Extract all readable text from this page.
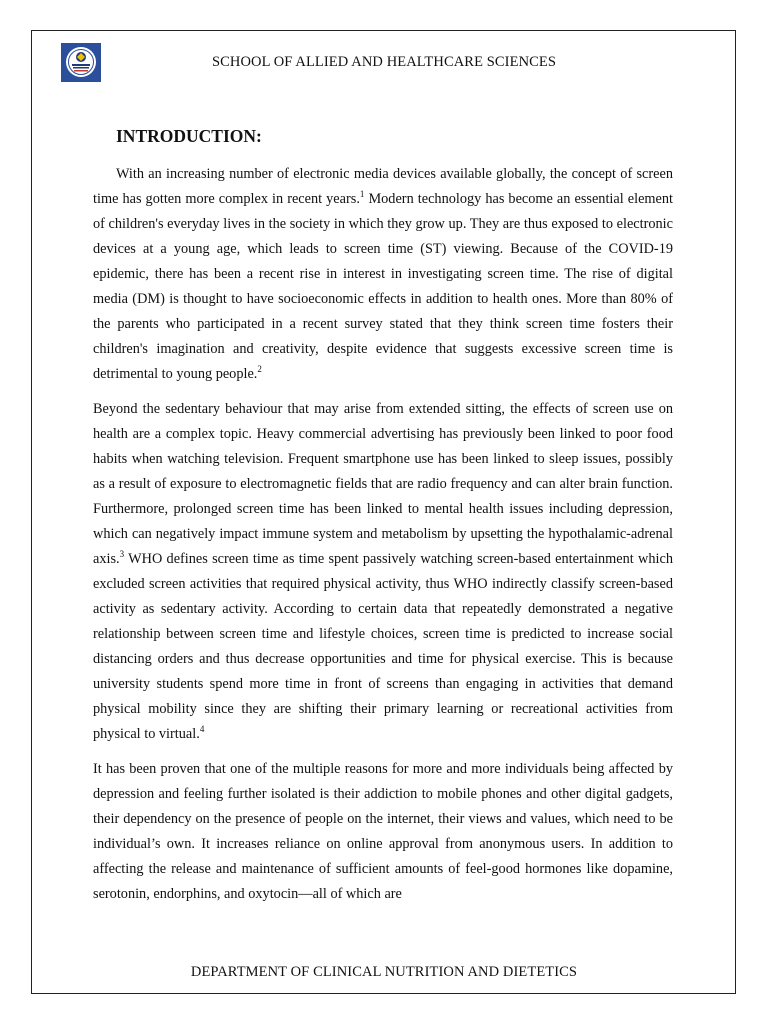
SCHOOL OF ALLIED AND HEALTHCARE SCIENCES
INTRODUCTION:

With an increasing number of electronic media devices available globally, the concept of screen time has gotten more complex in recent years.$^1$ Modern technology has become an essential element of children's everyday lives in the society in which they grow up. They are thus exposed to electronic devices at a young age, which leads to screen time (ST) viewing. Because of the COVID-19 epidemic, there has been a recent rise in interest in investigating screen time. The rise of digital media (DM) is thought to have socioeconomic effects in addition to health ones. More than 80% of the parents who participated in a recent survey stated that they think screen time fosters their children's imagination and creativity, despite evidence that suggests excessive screen time is detrimental to young people.$^2$

Beyond the sedentary behaviour that may arise from extended sitting, the effects of screen use on health are a complex topic. Heavy commercial advertising has previously been linked to poor food habits when watching television. Frequent smartphone use has been linked to sleep issues, possibly as a result of exposure to electromagnetic fields that are radio frequency and can alter brain function. Furthermore, prolonged screen time has been linked to mental health issues including depression, which can negatively impact immune system and metabolism by upsetting the hypothalamic-adrenal axis.$^3$ WHO defines screen time as time spent passively watching screen-based entertainment which excluded screen activities that required physical activity, thus WHO indirectly classify screen-based activity as sedentary activity. According to certain data that repeatedly demonstrated a negative relationship between screen time and lifestyle choices, screen time is predicted to increase social distancing orders and thus decrease opportunities and time for physical exercise. This is because university students spend more time in front of screens than engaging in activities that demand physical mobility since they are shifting their primary learning or recreational activities from physical to virtual.$^4$

It has been proven that one of the multiple reasons for more and more individuals being affected by depression and feeling further isolated is their addiction to mobile phones and other digital gadgets, their dependency on the presence of people on the internet, their views and values, which need to be individual’s own. It increases reliance on online approval from anonymous users. In addition to affecting the release and maintenance of sufficient amounts of feel-good hormones like dopamine, serotonin, endorphins, and oxytocin—all of which are

DEPARTMENT OF CLINICAL NUTRITION AND DIETETICS
